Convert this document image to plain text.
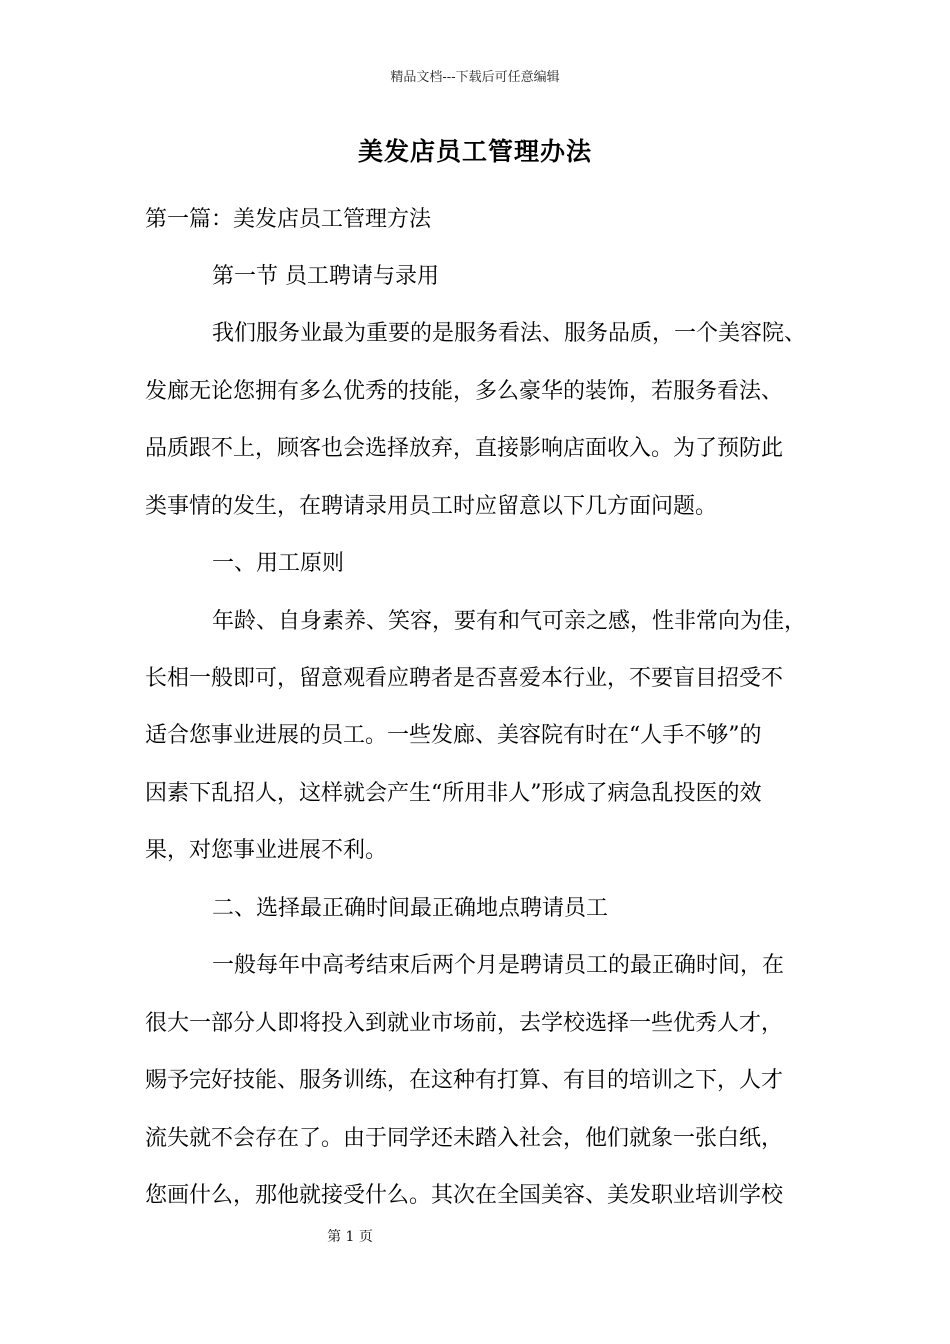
精品文档---下载后可任意编辑
美发店员工管理办法
第一篇：美发店员工管理方法
第一节 员工聘请与录用
我们服务业最为重要的是服务看法、服务品质，一个美容院、
发廊无论您拥有多么优秀的技能，多么豪华的装饰，若服务看法、
品质跟不上，顾客也会选择放弃，直接影响店面收入。为了预防此
类事情的发生，在聘请录用员工时应留意以下几方面问题。
一、用工原则
年龄、自身素养、笑容，要有和气可亲之感，性非常向为佳，
长相一般即可，留意观看应聘者是否喜爱本行业，不要盲目招受不
适合您事业进展的员工。一些发廊、美容院有时在“人手不够”的
因素下乱招人，这样就会产生“所用非人”形成了病急乱投医的效
果，对您事业进展不利。
二、选择最正确时间最正确地点聘请员工
一般每年中高考结束后两个月是聘请员工的最正确时间，在
很大一部分人即将投入到就业市场前，去学校选择一些优秀人才，
赐予完好技能、服务训练，在这种有打算、有目的培训之下，人才
流失就不会存在了。由于同学还未踏入社会，他们就象一张白纸，
您画什么，那他就接受什么。其次在全国美容、美发职业培训学校
第 1 页
